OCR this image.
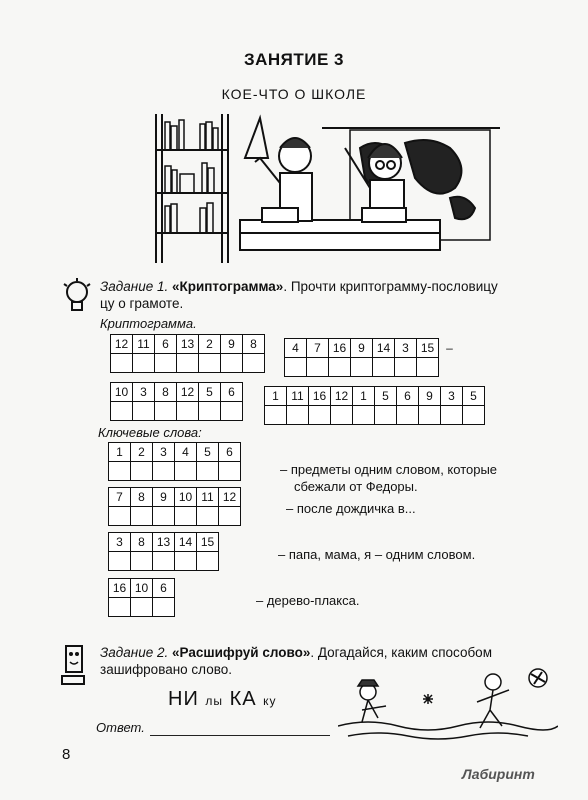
ЗАНЯТИЕ 3
КОЕ-ЧТО О ШКОЛЕ
Задание 1. «Криптограмма». Прочти криптограмму-пословицу
цу о грамоте.
Криптограмма.
12	11	6	13	2	9	8
							4	7	16	9	14	3	15	–

10	3	8	12	5	6
						1	11	16	12	1	5	6	9	3	5

Ключевые слова:
1	2	3	4	5	6

– предметы одним словом, которые
сбежали от Федоры.
7	8	9	10	11	12

– после дождичка в...
3	8	13	14	15

– папа, мама, я – одним словом.
16	10	6

– дерево-плакса.
Задание 2. «Расшифруй слово». Догадайся, каким способом
зашифровано слово.
НИ лы КА ку
Ответ.
8
Лабиринт
